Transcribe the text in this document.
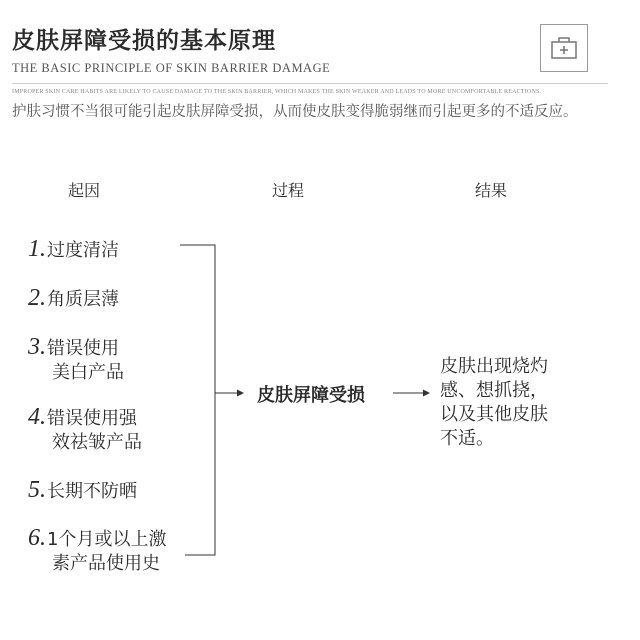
皮肤屏障受损的基本原理
THE BASIC PRINCIPLE OF SKIN BARRIER DAMAGE
IMPROPER SKIN CARE HABITS ARE LIKELY TO CAUSE DAMAGE TO THE SKIN BARRIER, WHICH MAKES THE SKIN WEAKER AND LEADS TO MORE UNCOMFORTABLE REACTIONS.
护肤习惯不当很可能引起皮肤屏障受损，从而使皮肤变得脆弱继而引起更多的不适反应。
起因	过程	结果
1.过度清洁
2.角质层薄
3.错误使用
美白产品
4.错误使用强
效祛皱产品
5.长期不防晒
6.1个月或以上激
素产品使用史
皮肤屏障受损
皮肤出现烧灼
感、想抓挠，
以及其他皮肤
不适。
